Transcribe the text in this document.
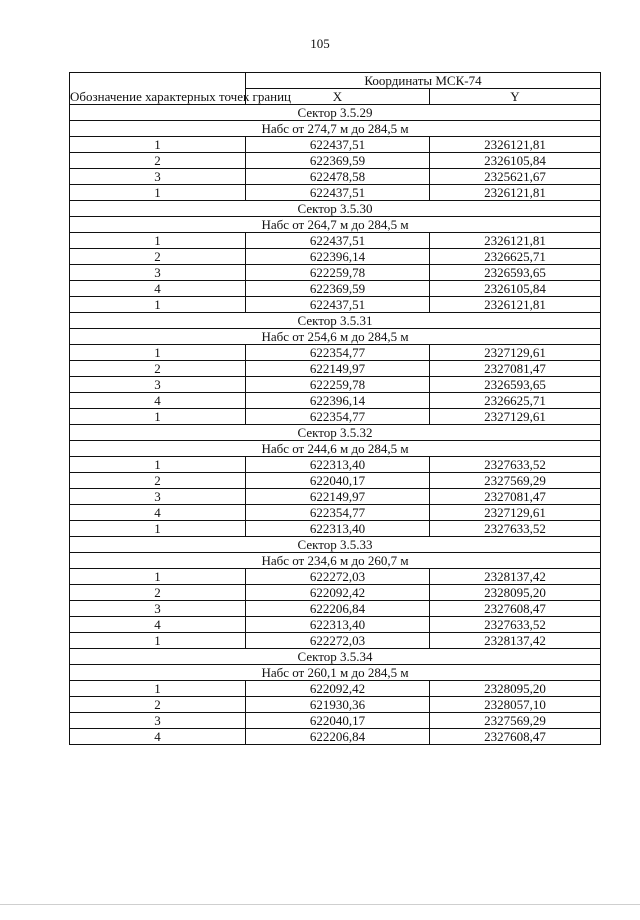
105
Обозначение характерных точек границ	Координаты МСК-74	
	X	Y
Сектор 3.5.29		
Набс от 274,7 м до 284,5 м		
1	622437,51	2326121,81
2	622369,59	2326105,84
3	622478,58	2325621,67
1	622437,51	2326121,81
Сектор 3.5.30		
Набс от 264,7 м до 284,5 м		
1	622437,51	2326121,81
2	622396,14	2326625,71
3	622259,78	2326593,65
4	622369,59	2326105,84
1	622437,51	2326121,81
Сектор 3.5.31		
Набс от 254,6 м до 284,5 м		
1	622354,77	2327129,61
2	622149,97	2327081,47
3	622259,78	2326593,65
4	622396,14	2326625,71
1	622354,77	2327129,61
Сектор 3.5.32		
Набс от 244,6 м до 284,5 м		
1	622313,40	2327633,52
2	622040,17	2327569,29
3	622149,97	2327081,47
4	622354,77	2327129,61
1	622313,40	2327633,52
Сектор 3.5.33		
Набс от 234,6 м до 260,7 м		
1	622272,03	2328137,42
2	622092,42	2328095,20
3	622206,84	2327608,47
4	622313,40	2327633,52
1	622272,03	2328137,42
Сектор 3.5.34		
Набс от 260,1 м до 284,5 м		
1	622092,42	2328095,20
2	621930,36	2328057,10
3	622040,17	2327569,29
4	622206,84	2327608,47
